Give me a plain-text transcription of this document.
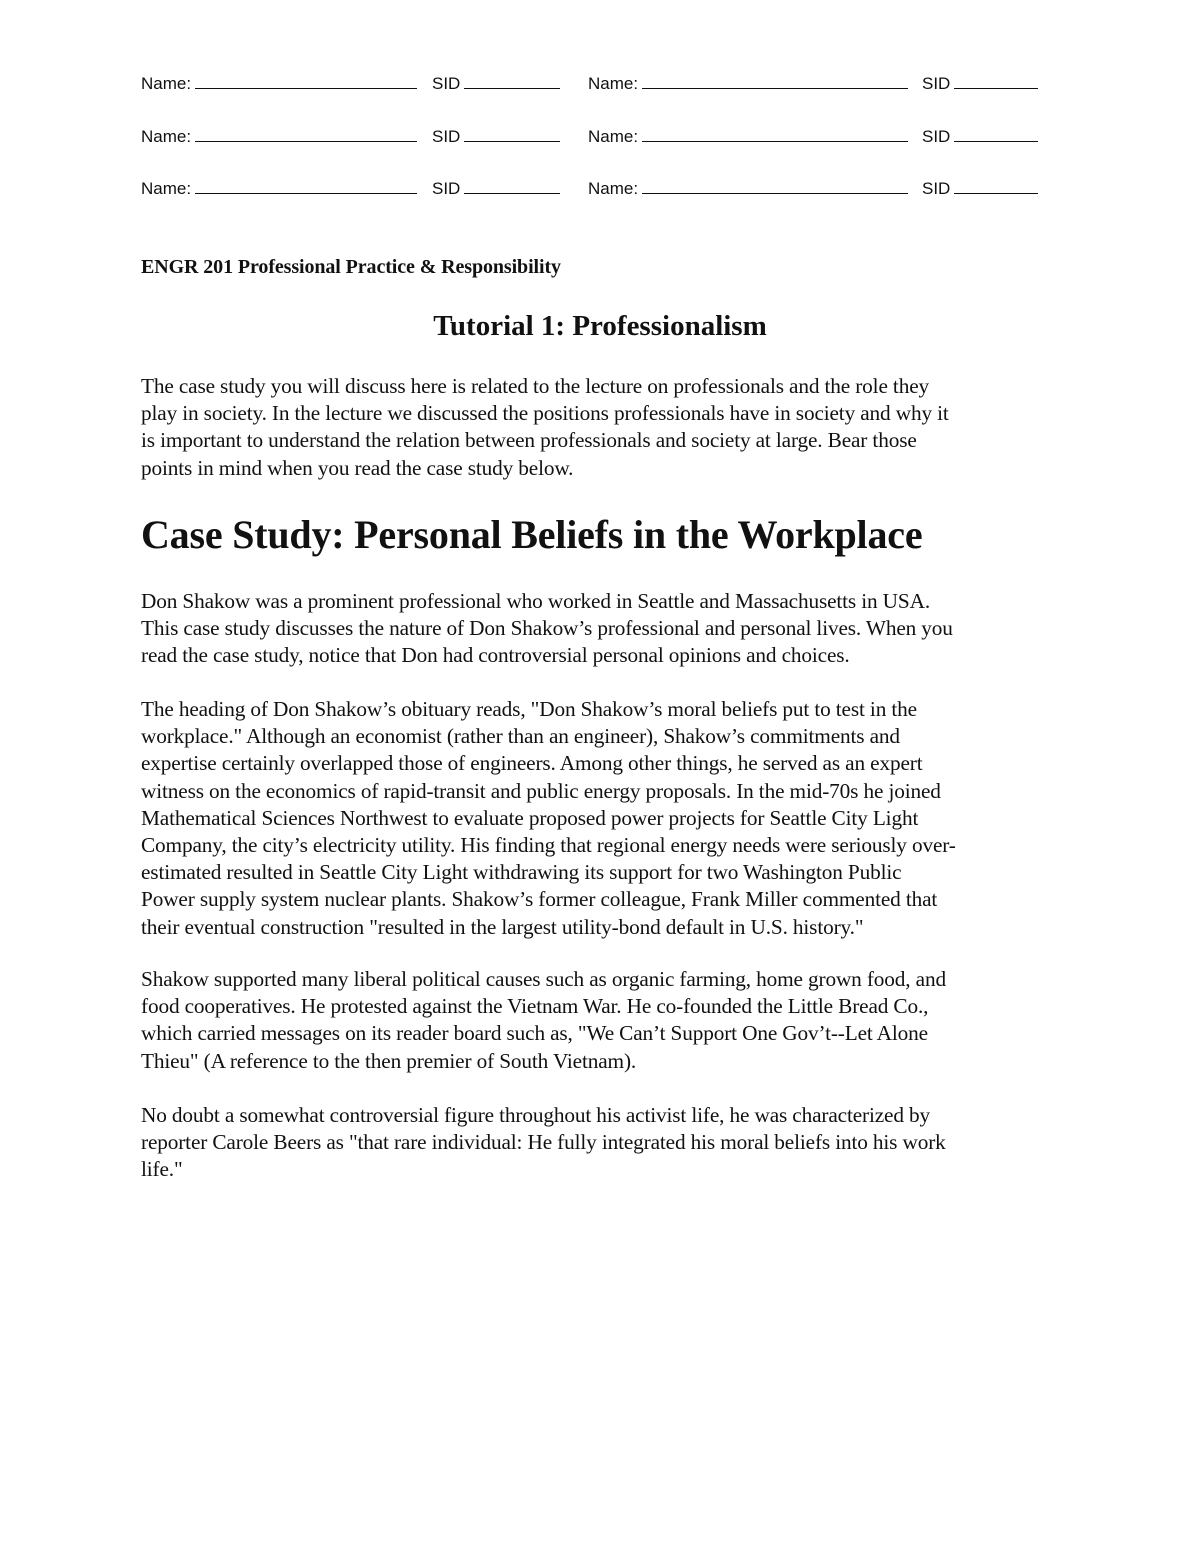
Name:	SID	Name:	SID
Name:	SID	Name:	SID
Name:	SID	Name:	SID
ENGR 201 Professional Practice & Responsibility
Tutorial 1: Professionalism

The case study you will discuss here is related to the lecture on professionals and the role they
play in society. In the lecture we discussed the positions professionals have in society and why it
is important to understand the relation between professionals and society at large. Bear those
points in mind when you read the case study below.

Case Study: Personal Beliefs in the Workplace

Don Shakow was a prominent professional who worked in Seattle and Massachusetts in USA.
This case study discusses the nature of Don Shakow’s professional and personal lives. When you
read the case study, notice that Don had controversial personal opinions and choices.

The heading of Don Shakow’s obituary reads, "Don Shakow’s moral beliefs put to test in the
workplace." Although an economist (rather than an engineer), Shakow’s commitments and
expertise certainly overlapped those of engineers. Among other things, he served as an expert
witness on the economics of rapid-transit and public energy proposals. In the mid-70s he joined
Mathematical Sciences Northwest to evaluate proposed power projects for Seattle City Light
Company, the city’s electricity utility. His finding that regional energy needs were seriously over-
estimated resulted in Seattle City Light withdrawing its support for two Washington Public
Power supply system nuclear plants. Shakow’s former colleague, Frank Miller commented that
their eventual construction "resulted in the largest utility-bond default in U.S. history."

Shakow supported many liberal political causes such as organic farming, home grown food, and
food cooperatives. He protested against the Vietnam War. He co-founded the Little Bread Co.,
which carried messages on its reader board such as, "We Can’t Support One Gov’t--Let Alone
Thieu" (A reference to the then premier of South Vietnam).

No doubt a somewhat controversial figure throughout his activist life, he was characterized by
reporter Carole Beers as "that rare individual: He fully integrated his moral beliefs into his work
life."
